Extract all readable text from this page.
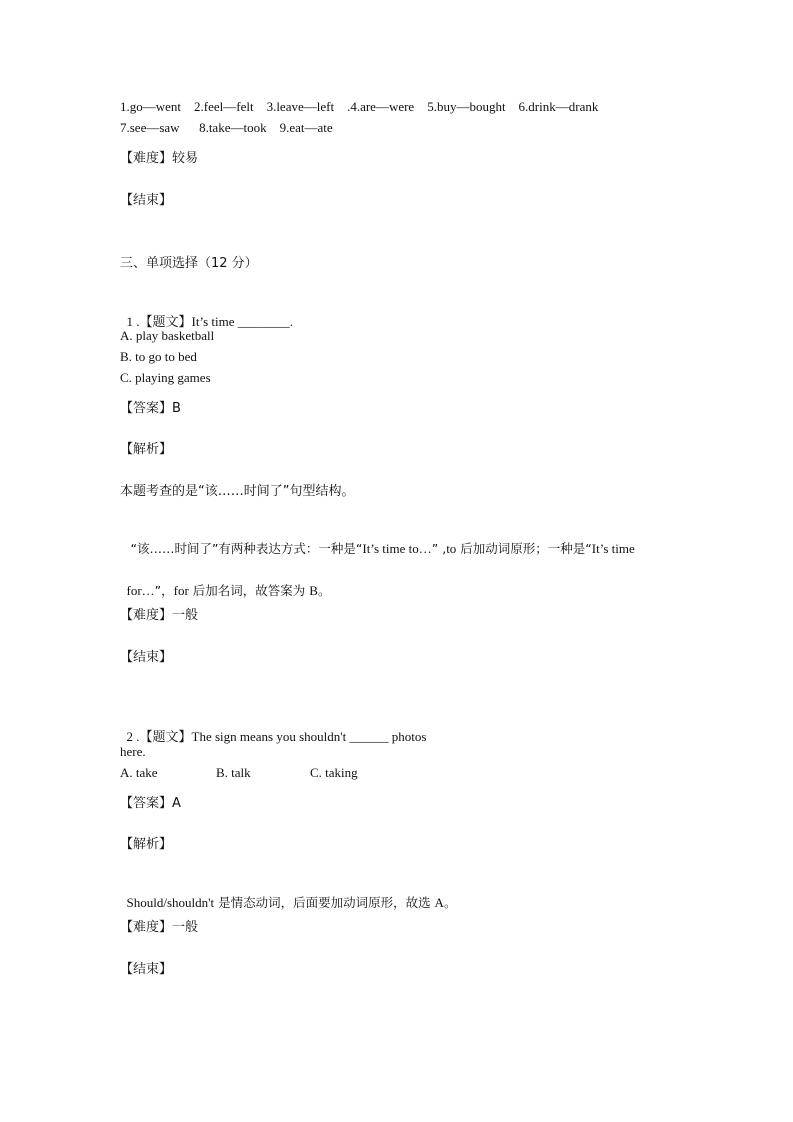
1.go—went    2.feel—felt    3.leave—left    .4.are—were    5.buy—bought    6.drink—drank
7.see—saw      8.take—took    9.eat—ate
【难度】较易
【结束】
三、单项选择（12 分）

1 .【题文】It’s time ________.

A. play basketball
B. to go to bed
C. playing games
【答案】B
【解析】
本题考查的是“该……时间了”句型结构。

“该……时间了”有两种表达方式：一种是“It’s time to…” ,to 后加动词原形；一种是“It’s time

for…”，for 后加名词，故答案为 B。

【难度】一般
【结束】

2 .【题文】The sign means you shouldn't ______ photos

here.
A. take	B. talk	C. taking
【答案】A
【解析】

Should/shouldn't 是情态动词，后面要加动词原形，故选 A。

【难度】一般
【结束】
